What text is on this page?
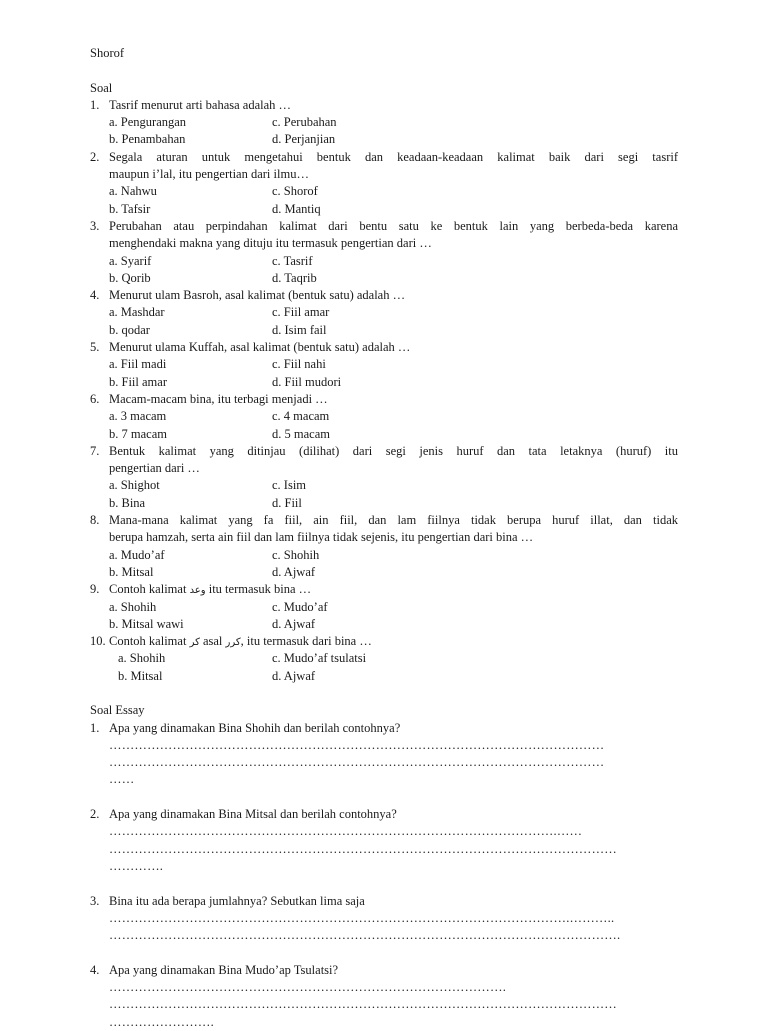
Shorof
Soal
1. Tasrif menurut arti bahasa adalah …
a. Pengurangan	c. Perubahan
b. Penambahan	d. Perjanjian
2. Segala aturan untuk mengetahui bentuk dan keadaan-keadaan kalimat baik dari segi tasrif
maupun i’lal, itu pengertian dari ilmu…
a. Nahwu	c. Shorof
b. Tafsir	d. Mantiq
3. Perubahan atau perpindahan kalimat dari bentu satu ke bentuk lain yang berbeda-beda karena
menghendaki makna yang dituju itu termasuk pengertian dari …
a. Syarif	c. Tasrif
b. Qorib	d. Taqrib
4. Menurut ulam Basroh, asal kalimat (bentuk satu) adalah …
a. Mashdar	c. Fiil amar
b. qodar	d. Isim fail
5. Menurut ulama Kuffah, asal kalimat (bentuk satu) adalah …
a. Fiil madi	c. Fiil nahi
b. Fiil amar	d. Fiil mudori
6. Macam-macam bina, itu terbagi menjadi …
a. 3 macam	c. 4 macam
b. 7 macam	d. 5 macam
7. Bentuk kalimat yang ditinjau (dilihat) dari segi jenis huruf dan tata letaknya (huruf) itu
pengertian dari …
a. Shighot	c. Isim
b. Bina	d. Fiil
8. Mana-mana kalimat yang fa fiil, ain fiil, dan lam fiilnya tidak berupa huruf illat, dan tidak
berupa hamzah, serta ain fiil dan lam fiilnya tidak sejenis, itu pengertian dari bina …
a. Mudo’af	c. Shohih
b. Mitsal	d. Ajwaf
9. Contoh kalimat وعد itu termasuk bina …
a. Shohih	c. Mudo’af
b. Mitsal wawi	d. Ajwaf
10. Contoh kalimat كر asal كرر, itu termasuk dari bina …
a. Shohih	c. Mudo’af tsulatsi
b. Mitsal	d. Ajwaf
Soal Essay
1. Apa yang dinamakan Bina Shohih dan berilah contohnya?
………………………………………………………………………………………………………
………………………………………………………………………………………………………
……
2. Apa yang dinamakan Bina Mitsal dan berilah contohnya?
…………………………………………………………………………………………….……
…………………………………………………………………………………………………………
………….
3. Bina itu ada berapa jumlahnya? Sebutkan lima saja
……………………………………………………………………………………………….………..
………………………………………………………………………………………………………….
4. Apa yang dinamakan Bina Mudo’ap Tsulatsi?
………………………………………………………………………………….
…………………………………………………………………………………………………………
…………………….
